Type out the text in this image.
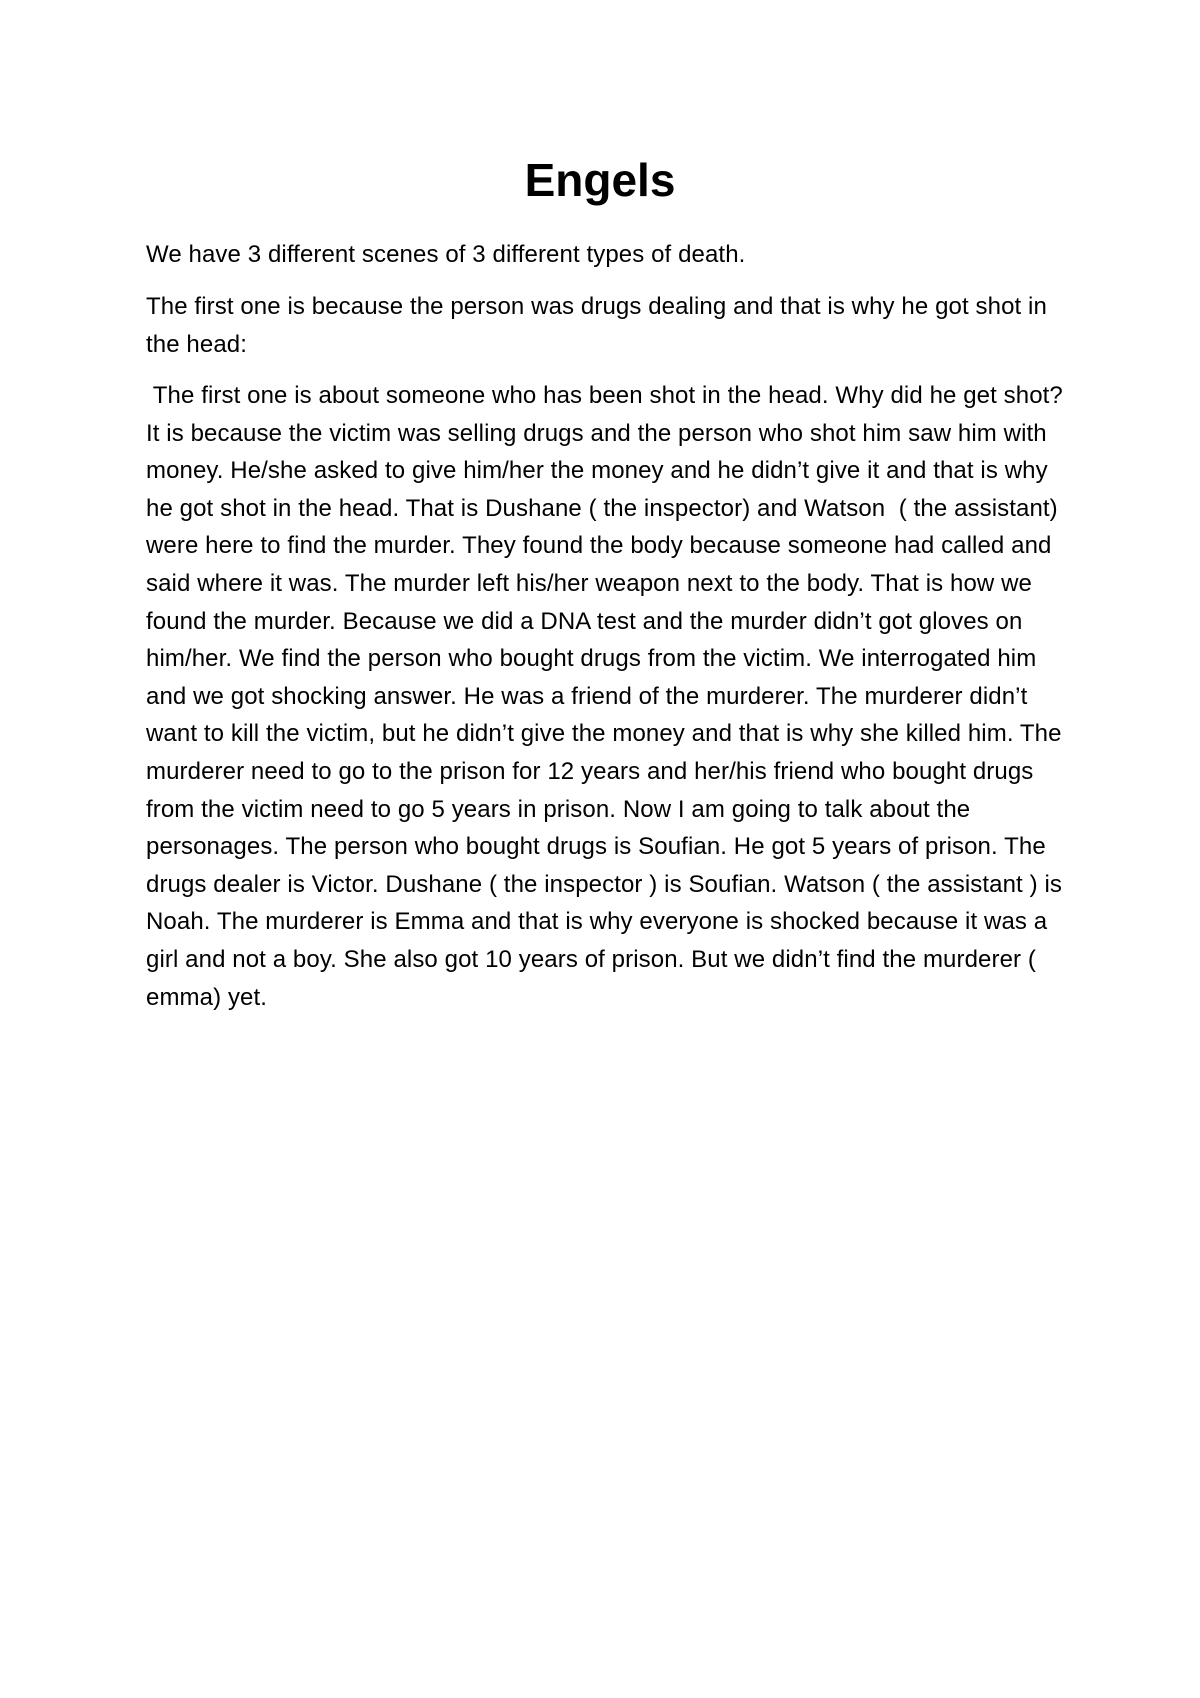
Engels

We have 3 different scenes of 3 different types of death.

The first one is because the person was drugs dealing and that is why he got shot in the head:

The first one is about someone who has been shot in the head. Why did he get shot? It is because the victim was selling drugs and the person who shot him saw him with money. He/she asked to give him/her the money and he didn’t give it and that is why he got shot in the head. That is Dushane ( the inspector) and Watson  ( the assistant) were here to find the murder. They found the body because someone had called and said where it was. The murder left his/her weapon next to the body. That is how we found the murder. Because we did a DNA test and the murder didn’t got gloves on him/her. We find the person who bought drugs from the victim. We interrogated him and we got shocking answer. He was a friend of the murderer. The murderer didn’t want to kill the victim, but he didn’t give the money and that is why she killed him. The murderer need to go to the prison for 12 years and her/his friend who bought drugs from the victim need to go 5 years in prison. Now I am going to talk about the personages. The person who bought drugs is Soufian. He got 5 years of prison. The drugs dealer is Victor. Dushane ( the inspector ) is Soufian. Watson ( the assistant ) is Noah. The murderer is Emma and that is why everyone is shocked because it was a girl and not a boy. She also got 10 years of prison. But we didn’t find the murderer ( emma) yet.
